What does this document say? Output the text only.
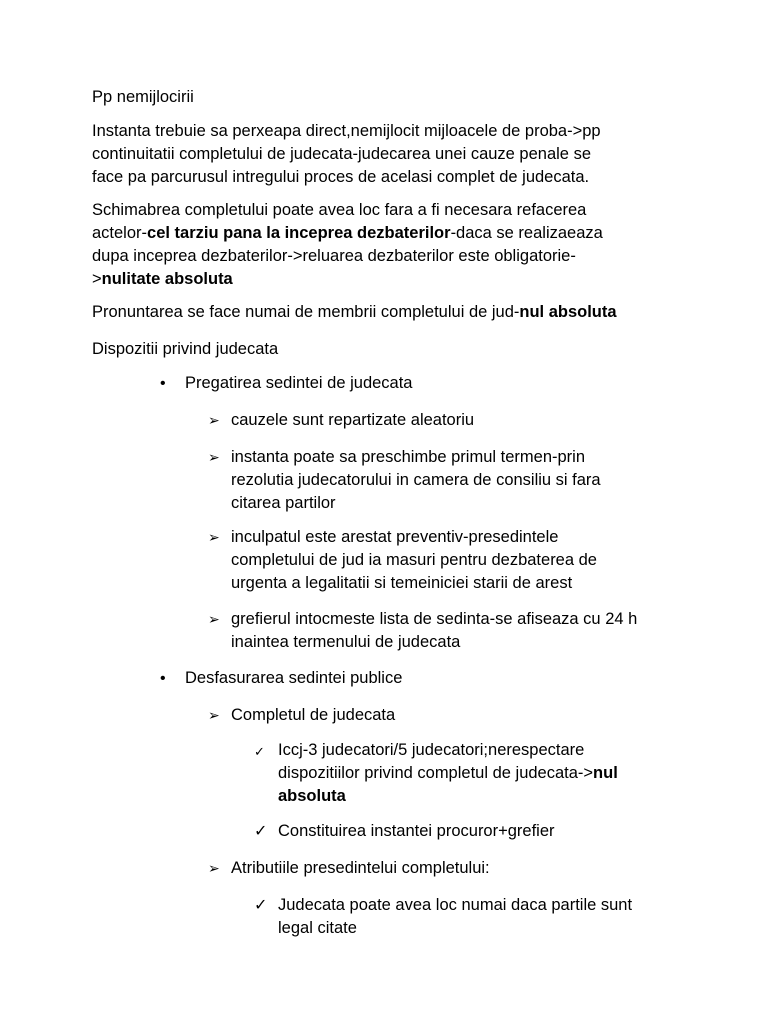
Pp nemijlocirii
Instanta trebuie sa perxeapa direct,nemijlocit mijloacele de proba->pp
continuitatii completului de judecata-judecarea unei cauze penale se
face pa parcurusul intregului proces de acelasi complet de judecata.
Schimabrea completului poate avea loc fara a fi necesara refacerea
actelor-cel tarziu pana la inceprea dezbaterilor-daca se realizaeaza
dupa inceprea dezbaterilor->reluarea dezbaterilor este obligatorie-
>nulitate absoluta
Pronuntarea se face numai de membrii completului de jud-nul absoluta
Dispozitii privind judecata
• Pregatirea sedintei de judecata
➢ cauzele sunt repartizate aleatoriu
➢ instanta poate sa preschimbe primul termen-prin
rezolutia judecatorului in camera de consiliu si fara
citarea partilor
➢ inculpatul este arestat preventiv-presedintele
completului de jud ia masuri pentru dezbaterea de
urgenta a legalitatii si temeiniciei starii de arest
➢ grefierul intocmeste lista de sedinta-se afiseaza cu 24 h
inaintea termenului de judecata
• Desfasurarea sedintei publice
➢ Completul de judecata
✓ Iccj-3 judecatori/5 judecatori;nerespectare
dispozitiilor privind completul de judecata->nul
absoluta
✓ Constituirea instantei procuror+grefier
➢ Atributiile presedintelui completului:
✓ Judecata poate avea loc numai daca partile sunt
legal citate
